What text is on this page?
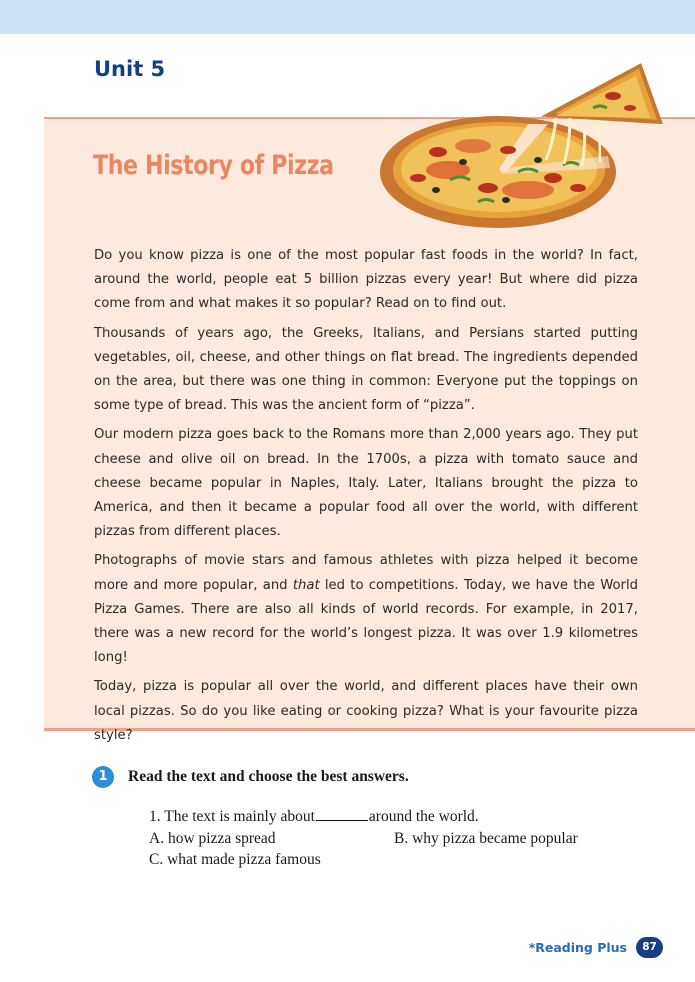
Unit 5
The History of Pizza

Do you know pizza is one of the most popular fast foods in the world? In fact, around the world, people eat 5 billion pizzas every year! But where did pizza come from and what makes it so popular? Read on to find out.

Thousands of years ago, the Greeks, Italians, and Persians started putting vegetables, oil, cheese, and other things on flat bread. The ingredients depended on the area, but there was one thing in common: Everyone put the toppings on some type of bread. This was the ancient form of “pizza”.

Our modern pizza goes back to the Romans more than 2,000 years ago. They put cheese and olive oil on bread. In the 1700s, a pizza with tomato sauce and cheese became popular in Naples, Italy. Later, Italians brought the pizza to America, and then it became a popular food all over the world, with different pizzas from different places.

Photographs of movie stars and famous athletes with pizza helped it become more and more popular, and that led to competitions. Today, we have the World Pizza Games. There are also all kinds of world records. For example, in 2017, there was a new record for the world’s longest pizza. It was over 1.9 kilometres long!

Today, pizza is popular all over the world, and different places have their own local pizzas. So do you like eating or cooking pizza? What is your favourite pizza style?

1	Read the text and choose the best answers.
1. The text is mainly about	around the world.
A. how pizza spread	B. why pizza became popular
C. what made pizza famous
*Reading Plus	87
